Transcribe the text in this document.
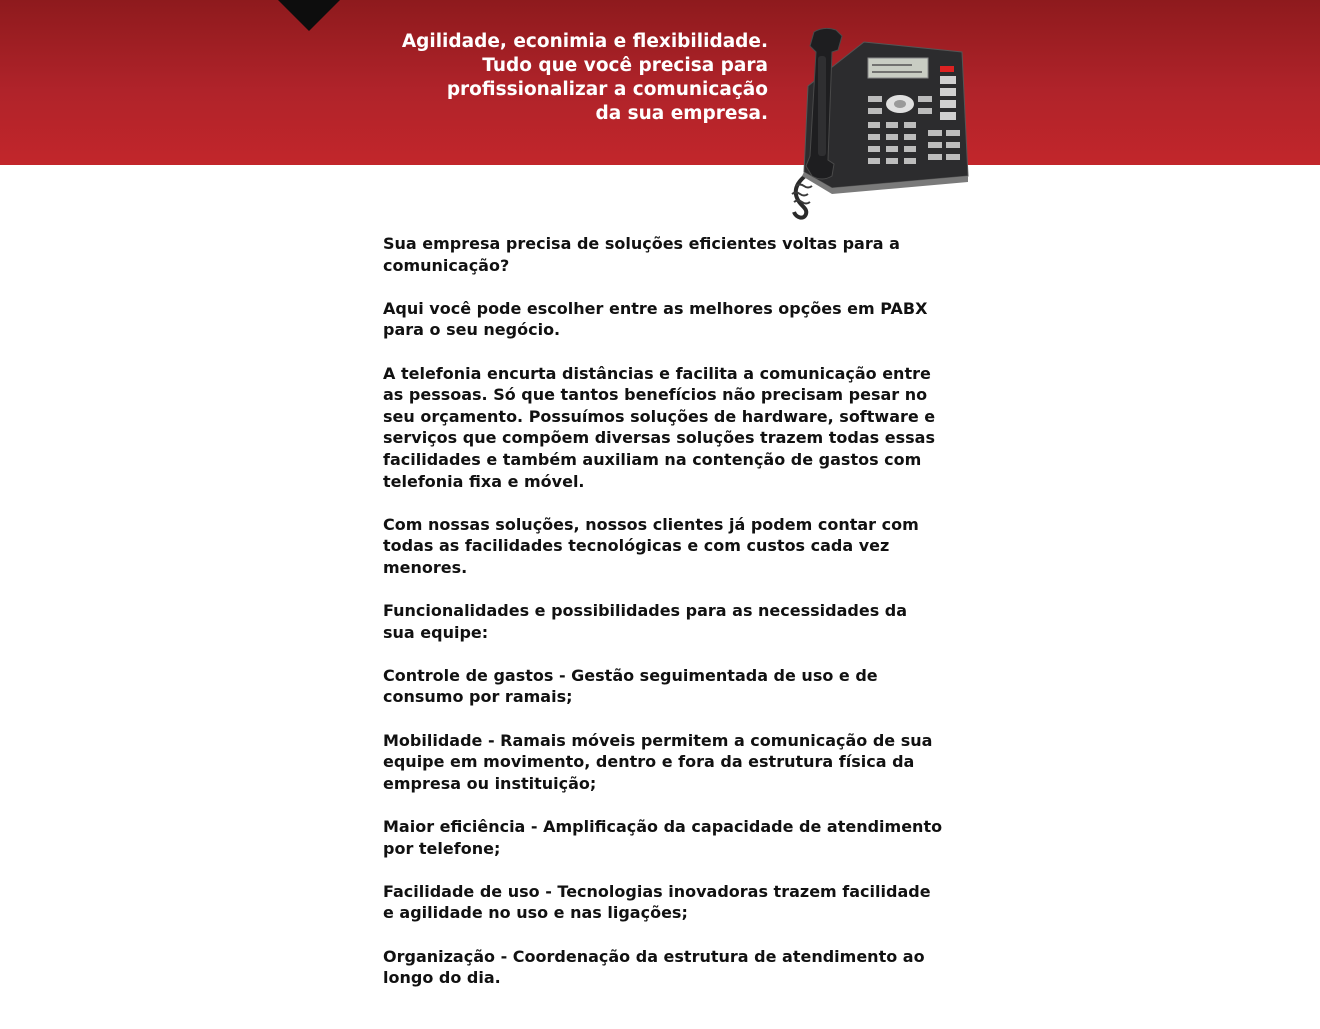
Agilidade, econimia e flexibilidade.
Tudo que você precisa para
profissionalizar a comunicação
da sua empresa.

Sua empresa precisa de soluções eficientes voltas para a comunicação?

Aqui você pode escolher entre as melhores opções em PABX para o seu negócio.

A telefonia encurta distâncias e facilita a comunicação entre as pessoas. Só que tantos benefícios não precisam pesar no seu orçamento. Possuímos soluções de hardware, software e serviços que compõem diversas soluções trazem todas essas facilidades e também auxiliam na contenção de gastos com telefonia fixa e móvel.

Com nossas soluções, nossos clientes já podem contar com todas as facilidades tecnológicas e com custos cada vez menores.

Funcionalidades e possibilidades para as necessidades da sua equipe:

Controle de gastos - Gestão seguimentada de uso e de consumo por ramais;

Mobilidade - Ramais móveis permitem a comunicação de sua equipe em movimento, dentro e fora da estrutura física da empresa ou instituição;

Maior eficiência - Amplificação da capacidade de atendimento por telefone;

Facilidade de uso - Tecnologias inovadoras trazem facilidade e agilidade no uso e nas ligações;

Organização - Coordenação da estrutura de atendimento ao longo do dia.
